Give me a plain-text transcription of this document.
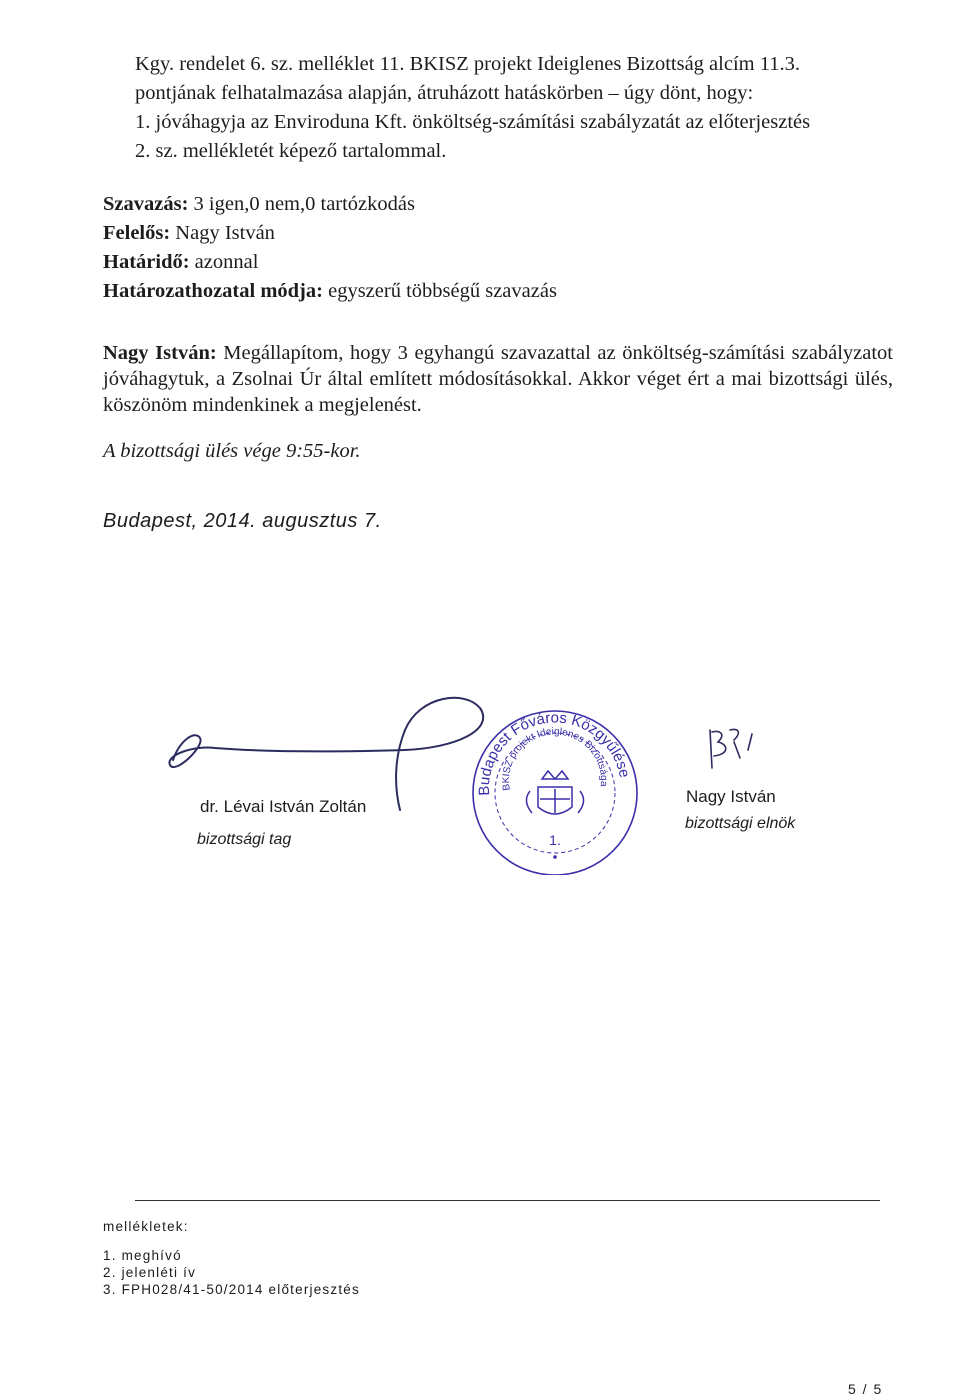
Kgy. rendelet 6. sz. melléklet 11. BKISZ projekt Ideiglenes Bizottság alcím 11.3.
pontjának felhatalmazása alapján, átruházott hatáskörben – úgy dönt, hogy:
1. jóváhagyja az Enviroduna Kft. önköltség-számítási szabályzatát az előterjesztés
2. sz. mellékletét képező tartalommal.
Szavazás: 3 igen,0 nem,0 tartózkodás
Felelős: Nagy István
Határidő: azonnal
Határozathozatal módja: egyszerű többségű szavazás
Nagy István: Megállapítom, hogy 3 egyhangú szavazattal az önköltség-számítási szabályzatot jóváhagytuk, a Zsolnai Úr által említett módosításokkal. Akkor véget ért a mai bizottsági ülés, köszönöm mindenkinek a megjelenést.
A bizottsági ülés vége 9:55-kor.
Budapest, 2014. augusztus 7.
dr. Lévai István Zoltán
bizottsági tag
Budapest Főváros Közgyűlése
BKISZ projekt Ideiglenes Bizottsága
1.
Nagy István
bizottsági elnök
mellékletek:
1. meghívó
2. jelenléti ív
3. FPH028/41-50/2014 előterjesztés
5 / 5
